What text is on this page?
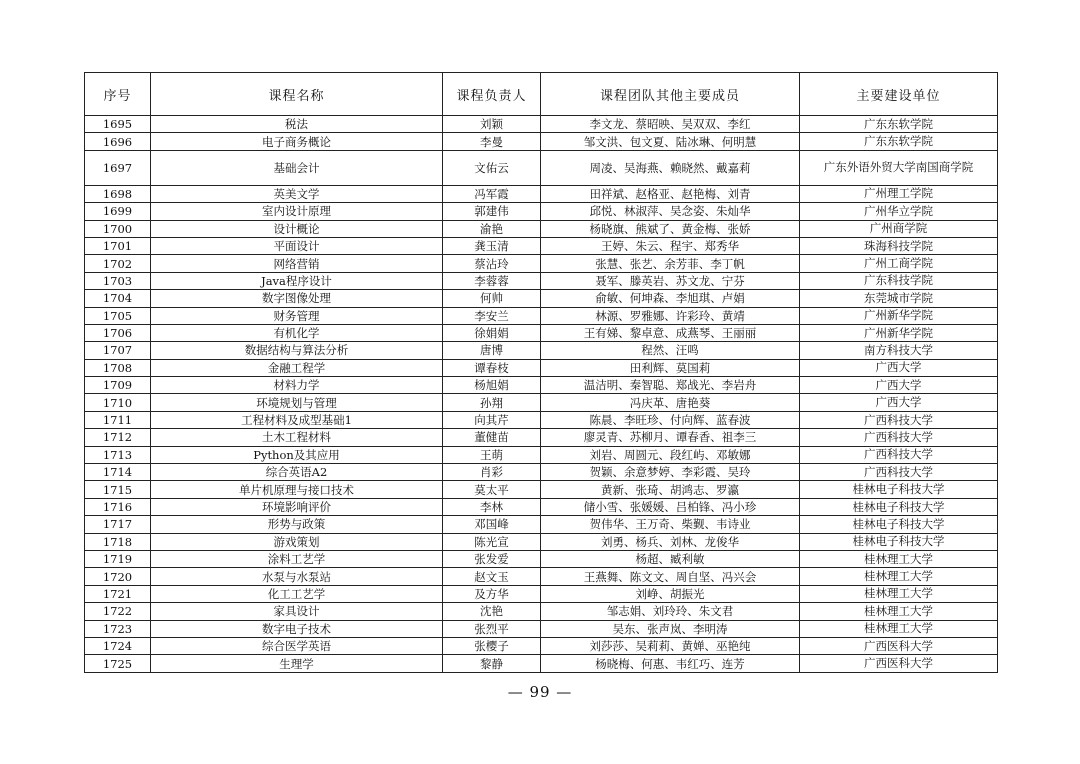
序号	课程名称	课程负责人	课程团队其他主要成员	主要建设单位
1695	税法	刘颖	李文龙、蔡昭映、吴双双、李红	广东东软学院
1696	电子商务概论	李曼	邹文洪、包文夏、陆冰琳、何明慧	广东东软学院
1697	基础会计	文佑云	周凌、吴海燕、赖晓然、戴嘉莉	广东外语外贸大学南国商学院
1698	英美文学	冯军霞	田祥斌、赵格亚、赵艳梅、刘青	广州理工学院
1699	室内设计原理	郭建伟	邱悦、林淑萍、吴念姿、朱灿华	广州华立学院
1700	设计概论	渝艳	杨晓旗、熊斌了、黄金梅、张娇	广州商学院
1701	平面设计	龚玉清	王婷、朱云、程宇、郑秀华	珠海科技学院
1702	网络营销	蔡沾玲	张慧、张艺、余芳菲、李丁帆	广州工商学院
1703	Java程序设计	李蓉蓉	聂军、滕英岩、苏文龙、宁芬	广东科技学院
1704	数字图像处理	何帅	俞敏、何坤森、李旭琪、卢娟	东莞城市学院
1705	财务管理	李安兰	林源、罗雅娜、许彩玲、黄靖	广州新华学院
1706	有机化学	徐娟娟	王有娣、黎卓意、成燕琴、王丽丽	广州新华学院
1707	数据结构与算法分析	唐博	程然、汪鸣	南方科技大学
1708	金融工程学	谭春枝	田利辉、莫国莉	广西大学
1709	材料力学	杨旭娟	温洁明、秦智聪、郑战光、李岩舟	广西大学
1710	环境规划与管理	孙翔	冯庆革、唐艳葵	广西大学
1711	工程材料及成型基础1	向其芹	陈晨、李旺珍、付向辉、蓝春波	广西科技大学
1712	土木工程材料	董健苗	廖灵青、苏柳月、谭春香、祖李三	广西科技大学
1713	Python及其应用	王萌	刘岩、周圆元、段红屿、邓敏娜	广西科技大学
1714	综合英语A2	肖彩	贺颖、余意梦婷、李彩霞、吴玲	广西科技大学
1715	单片机原理与接口技术	莫太平	黄新、张琦、胡鸿志、罗瀛	桂林电子科技大学
1716	环境影响评价	李林	储小雪、张媛媛、吕柏锋、冯小珍	桂林电子科技大学
1717	形势与政策	邓国峰	贺伟华、王万奇、柴觐、韦诗业	桂林电子科技大学
1718	游戏策划	陈光宣	刘勇、杨兵、刘林、龙俊华	桂林电子科技大学
1719	涂料工艺学	张发爱	杨超、臧利敏	桂林理工大学
1720	水泵与水泵站	赵文玉	王燕舞、陈文文、周自坚、冯兴会	桂林理工大学
1721	化工工艺学	及方华	刘峥、胡振光	桂林理工大学
1722	家具设计	沈艳	邹志娟、刘玲玲、朱文君	桂林理工大学
1723	数字电子技术	张烈平	吴东、张声岚、李明涛	桂林理工大学
1724	综合医学英语	张樱子	刘莎莎、吴莉莉、黄婵、巫艳纯	广西医科大学
1725	生理学	黎静	杨晓梅、何惠、韦红巧、连芳	广西医科大学
— 99 —
